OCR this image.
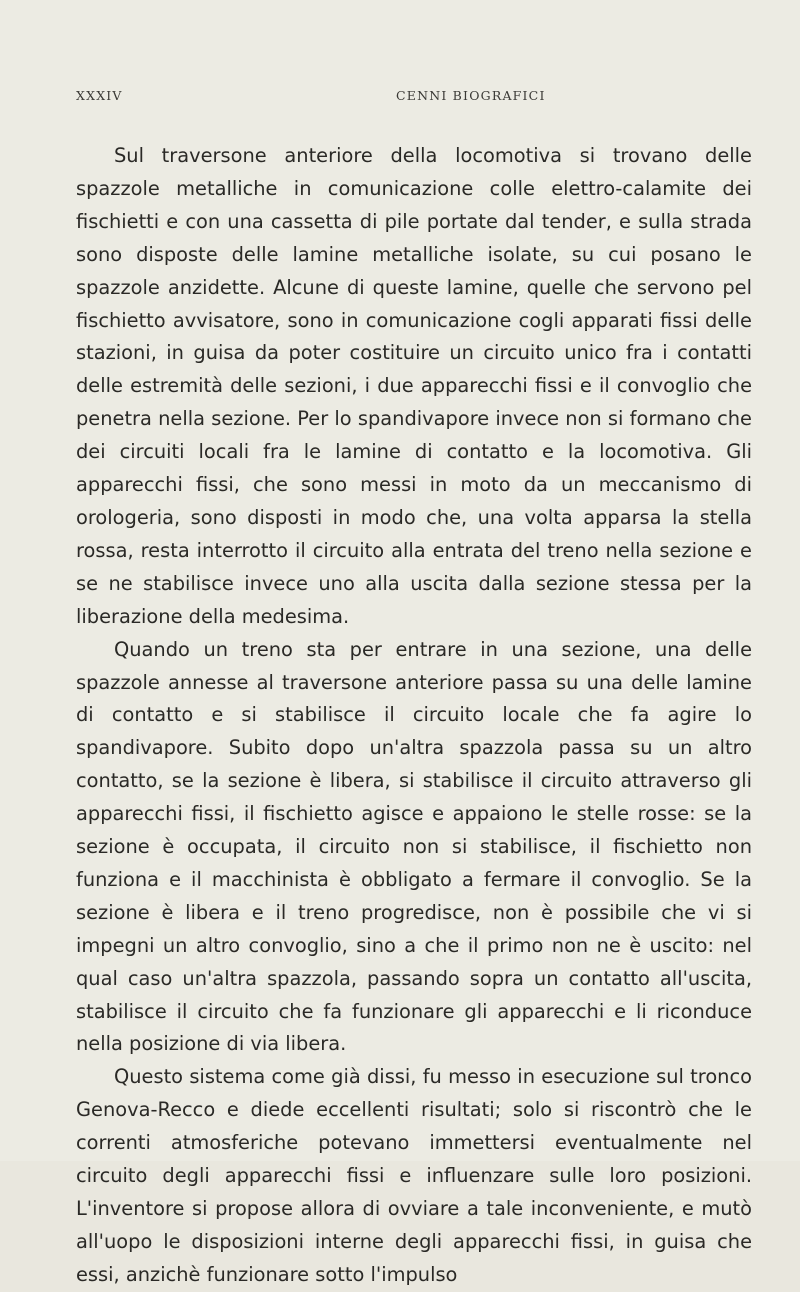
XXXIV	CENNI BIOGRAFICI

Sul traversone anteriore della locomotiva si trovano delle spazzole metalliche in comunicazione colle elettro-calamite dei fischietti e con una cassetta di pile portate dal tender, e sulla strada sono disposte delle lamine metalliche isolate, su cui posano le spazzole anzidette. Alcune di queste lamine, quelle che servono pel fischietto avvisatore, sono in comunicazione cogli apparati fissi delle stazioni, in guisa da poter costituire un circuito unico fra i contatti delle estremità delle sezioni, i due apparecchi fissi e il convoglio che penetra nella sezione. Per lo spandivapore invece non si formano che dei circuiti locali fra le lamine di contatto e la locomotiva. Gli apparecchi fissi, che sono messi in moto da un meccanismo di orologeria, sono disposti in modo che, una volta apparsa la stella rossa, resta interrotto il circuito alla entrata del treno nella sezione e se ne stabilisce invece uno alla uscita dalla sezione stessa per la liberazione della medesima.

Quando un treno sta per entrare in una sezione, una delle spazzole annesse al traversone anteriore passa su una delle lamine di contatto e si stabilisce il circuito locale che fa agire lo spandivapore. Subito dopo un'altra spazzola passa su un altro contatto, se la sezione è libera, si stabilisce il circuito attraverso gli apparecchi fissi, il fischietto agisce e appaiono le stelle rosse: se la sezione è occupata, il circuito non si stabilisce, il fischietto non funziona e il macchinista è obbligato a fermare il convoglio. Se la sezione è libera e il treno progredisce, non è possibile che vi si impegni un altro convoglio, sino a che il primo non ne è uscito: nel qual caso un'altra spazzola, passando sopra un contatto all'uscita, stabilisce il circuito che fa funzionare gli apparecchi e li riconduce nella posizione di via libera.

Questo sistema come già dissi, fu messo in esecuzione sul tronco Genova-Recco e diede eccellenti risultati; solo si riscontrò che le correnti atmosferiche potevano immettersi eventualmente nel circuito degli apparecchi fissi e influenzare sulle loro posizioni. L'inventore si propose allora di ovviare a tale inconveniente, e mutò all'uopo le disposizioni interne degli apparecchi fissi, in guisa che essi, anzichè funzionare sotto l'impulso
